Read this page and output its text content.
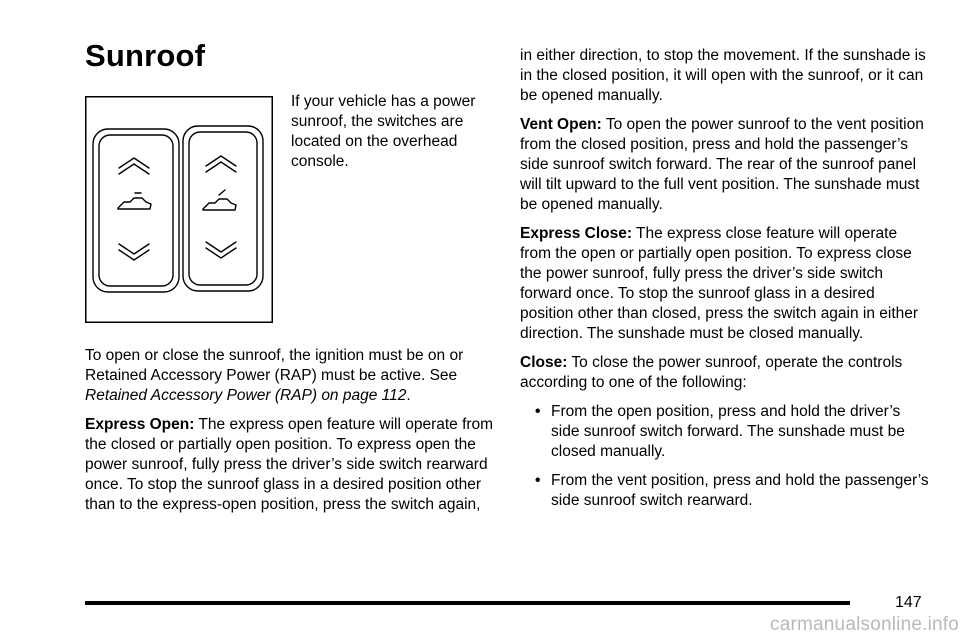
Sunroof
If your vehicle has a power sunroof, the switches are located on the overhead console.

To open or close the sunroof, the ignition must be on or Retained Accessory Power (RAP) must be active. See Retained Accessory Power (RAP) on page 112.

Express Open: The express open feature will operate from the closed or partially open position. To express open the power sunroof, fully press the driver’s side switch rearward once. To stop the sunroof glass in a desired position other than to the express-open position, press the switch again,

in either direction, to stop the movement. If the sunshade is in the closed position, it will open with the sunroof, or it can be opened manually.

Vent Open: To open the power sunroof to the vent position from the closed position, press and hold the passenger’s side sunroof switch forward. The rear of the sunroof panel will tilt upward to the full vent position. The sunshade must be opened manually.

Express Close: The express close feature will operate from the open or partially open position. To express close the power sunroof, fully press the driver’s side switch forward once. To stop the sunroof glass in a desired position other than closed, press the switch again in either direction. The sunshade must be closed manually.

Close: To close the power sunroof, operate the controls according to one of the following:

• From the open position, press and hold the driver’s side sunroof switch forward. The sunshade must be closed manually.
• From the vent position, press and hold the passenger’s side sunroof switch rearward.
147
carmanualsonline.info
